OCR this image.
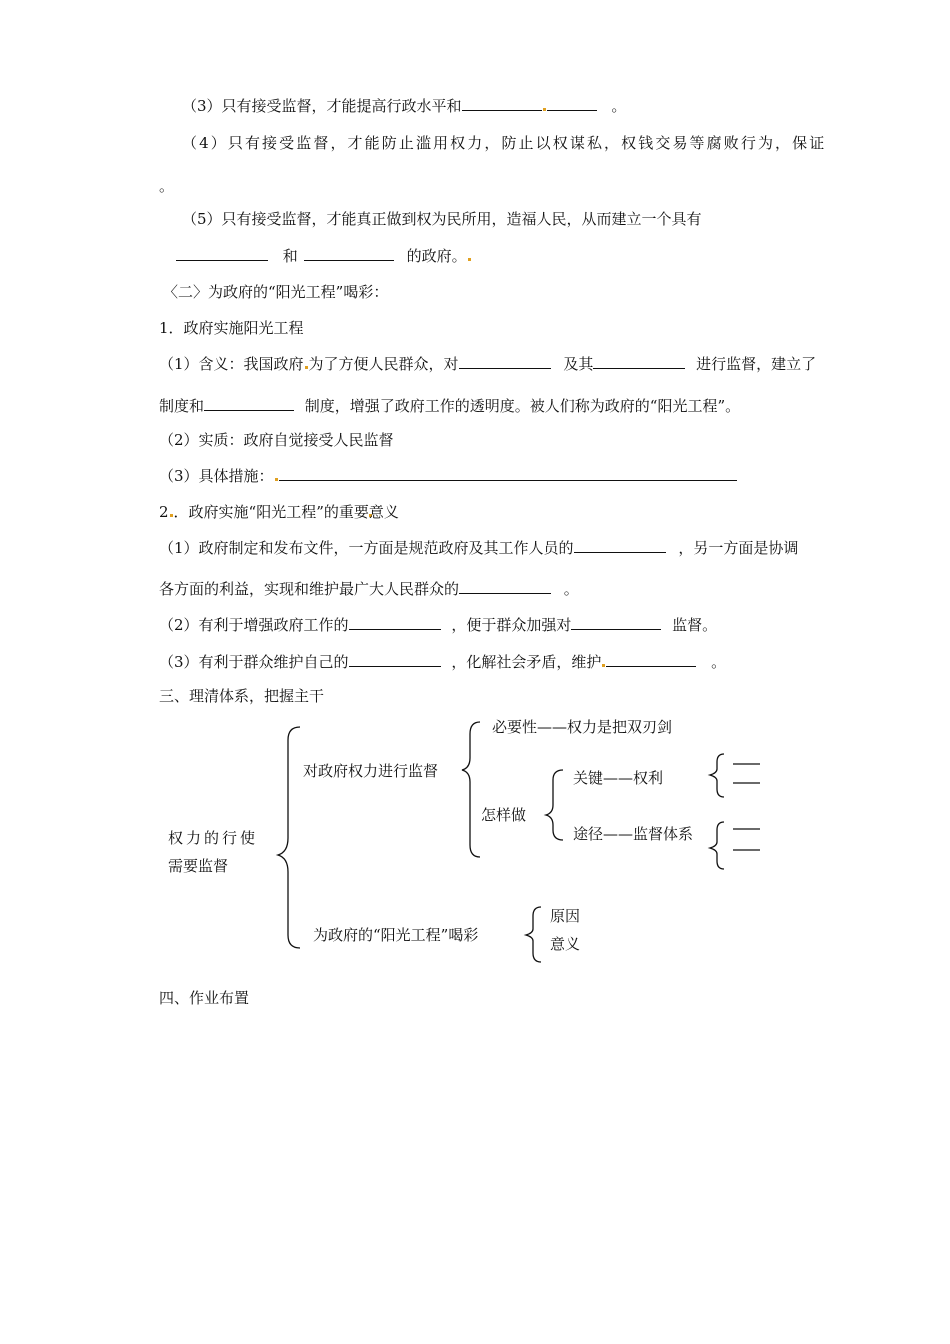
（3）只有接受监督，才能提高行政水平和	。
（4）只有接受监督，才能防止滥用权力，防止以权谋私，权钱交易等腐败行为，保证
。
（5）只有接受监督，才能真正做到权为民所用，造福人民，从而建立一个具有
和	的政府。
〈二〉为政府的“阳光工程”喝彩：
1．政府实施阳光工程
（1）含义：我国政府 为了方便人民群众，对	及其	进行监督，建立了
制度和	制度，增强了政府工作的透明度。被人们称为政府的“阳光工程”。
（2）实质：政府自觉接受人民监督
（3）具体措施：
2 ．政府实施“阳光工程”的重要意义
（1）政府制定和发布文件，一方面是规范政府及其工作人员的	，另一方面是协调
各方面的利益，实现和维护最广大人民群众的	。
（2）有利于增强政府工作的	，便于群众加强对	监督。
（3）有利于群众维护自己的	，化解社会矛盾，维护	。
三、理清体系，把握主干
权力的行使
需要监督
对政府权力进行监督
必要性——权力是把双刃剑
怎样做
关键——权利
途径——监督体系
为政府的“阳光工程”喝彩
原因
意义
四、作业布置
